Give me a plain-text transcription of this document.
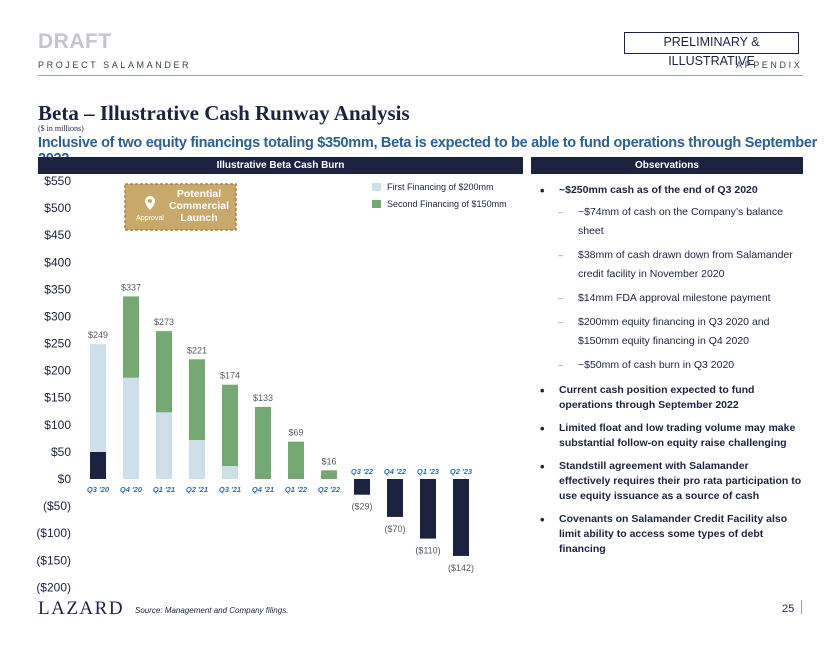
DRAFT	PRELIMINARY & ILLUSTRATIVE
PROJECT SALAMANDER	APPENDIX
Beta – Illustrative Cash Runway Analysis
($ in millions)
Inclusive of two equity financings totaling $350mm, Beta is expected to be able to fund operations through September
Illustrative Beta Cash Burn	Observations
$550
$500
$450
$400
$350
$300
$250
$200
$150
$100
$50
$0
($50)
($100)
($150)
($200)
Q3 '20 Q4 '20 Q1 '21 Q2 '21 Q3 '21 Q4 '21 Q1 '22 Q2 '22
Q3 '22 Q4 '22 Q1 '23 Q2 '23
$249
$337
$273
$221
$174
$133
$69
$16
($29)
($70)
($110)
($142)
First Financing of $200mm
Second Financing of $150mm
Approval
Potential
Commercial
Launch
• ~$250mm cash as of the end of Q3 2020
– ~$74mm of cash on the Company’s balance sheet
– $38mm of cash drawn down from Salamander credit facility in November 2020
– $14mm FDA approval milestone payment
– $200mm equity financing in Q3 2020 and $150mm equity financing in Q4 2020
– ~$50mm of cash burn in Q3 2020
• Current cash position expected to fund operations through September 2022
• Limited float and low trading volume may make substantial follow-on equity raise challenging
• Standstill agreement with Salamander effectively requires their pro rata participation to use equity issuance as a source of cash
• Covenants on Salamander Credit Facility also limit ability to access some types of debt financing
LAZARD Source: Management and Company filings.	25
